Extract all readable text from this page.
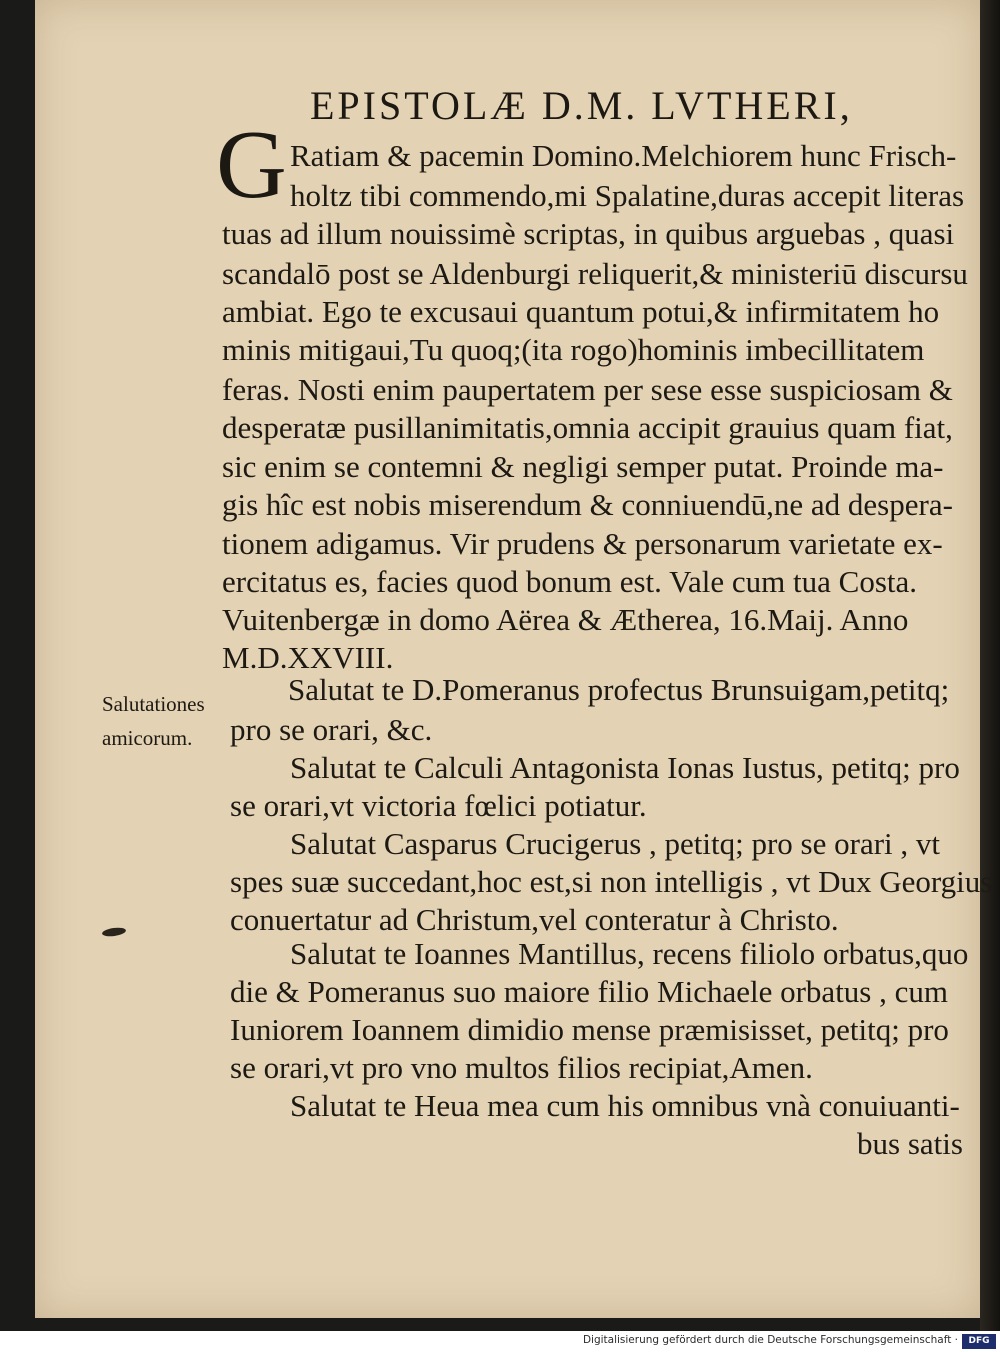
EPISTOLÆ D.M. LVTHERI,
G Ratiam & pacemin Domino.Melchiorem hunc Frisch-
holtz tibi commendo,mi Spalatine,duras accepit literas
tuas ad illum nouissimè scriptas, in quibus arguebas , quasi
scandalō post se Aldenburgi reliquerit,& ministeriū discursu
ambiat. Ego te excusaui quantum potui,& infirmitatem ho
minis mitigaui,Tu quoq;(ita rogo)hominis imbecillitatem
feras. Nosti enim paupertatem per sese esse suspiciosam &
desperatæ pusillanimitatis,omnia accipit grauius quam fiat,
sic enim se contemni & negligi semper putat. Proinde ma-
gis hîc est nobis miserendum & conniuendū,ne ad despera-
tionem adigamus. Vir prudens & personarum varietate ex-
ercitatus es, facies quod bonum est. Vale cum tua Costa.
Vuitenbergæ in domo Aërea & Ætherea, 16.Maij. Anno
M.D.XXVIII.
Salutationes
amicorum.
Salutat te D.Pomeranus profectus Brunsuigam,petitq;
pro se orari, &c.
Salutat te Calculi Antagonista Ionas Iustus, petitq; pro
se orari,vt victoria fœlici potiatur.
Salutat Casparus Crucigerus , petitq; pro se orari , vt
spes suæ succedant,hoc est,si non intelligis , vt Dux Georgius
conuertatur ad Christum,vel conteratur à Christo.
Salutat te Ioannes Mantillus, recens filiolo orbatus,quo
die & Pomeranus suo maiore filio Michaele orbatus , cum
Iuniorem Ioannem dimidio mense præmisisset, petitq; pro
se orari,vt pro vno multos filios recipiat,Amen.
Salutat te Heua mea cum his omnibus vnà conuiuanti-
bus satis
Digitalisierung gefördert durch die Deutsche Forschungsgemeinschaft ·	DFG
